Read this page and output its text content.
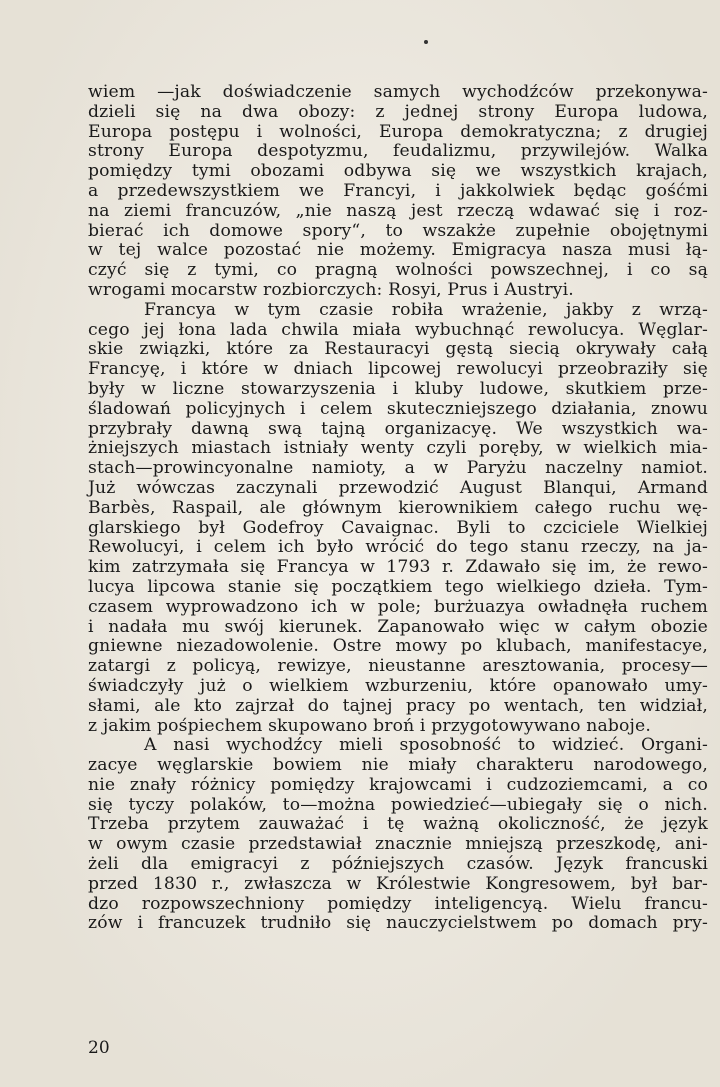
wiem —jak doświadczenie samych wychodźców przekonywa-
dzieli się na dwa obozy: z jednej strony Europa ludowa,
Europa postępu i wolności, Europa demokratyczna; z drugiej
strony Europa despotyzmu, feudalizmu, przywilejów. Walka
pomiędzy tymi obozami odbywa się we wszystkich krajach,
a przedewszystkiem we Francyi, i jakkolwiek będąc gośćmi
na ziemi francuzów, „nie naszą jest rzeczą wdawać się i roz-
bierać ich domowe spory“, to wszakże zupełnie obojętnymi
w tej walce pozostać nie możemy. Emigracya nasza musi łą-
czyć się z tymi, co pragną wolności powszechnej, i co są
wrogami mocarstw rozbiorczych: Rosyi, Prus i Austryi.
Francya w tym czasie robiła wrażenie, jakby z wrzą-
cego jej łona lada chwila miała wybuchnąć rewolucya. Węglar-
skie związki, które za Restauracyi gęstą siecią okrywały całą
Francyę, i które w dniach lipcowej rewolucyi przeobraziły się
były w liczne stowarzyszenia i kluby ludowe, skutkiem prze-
śladowań policyjnych i celem skuteczniejszego działania, znowu
przybrały dawną swą tajną organizacyę. We wszystkich wa-
żniejszych miastach istniały wenty czyli poręby, w wielkich mia-
stach—prowincyonalne namioty, a w Paryżu naczelny namiot.
Już wówczas zaczynali przewodzić August Blanqui, Armand
Barbès, Raspail, ale głównym kierownikiem całego ruchu wę-
glarskiego był Godefroy Cavaignac. Byli to czciciele Wielkiej
Rewolucyi, i celem ich było wrócić do tego stanu rzeczy, na ja-
kim zatrzymała się Francya w 1793 r. Zdawało się im, że rewo-
lucya lipcowa stanie się początkiem tego wielkiego dzieła. Tym-
czasem wyprowadzono ich w pole; burżuazya owładnęła ruchem
i nadała mu swój kierunek. Zapanowało więc w całym obozie
gniewne niezadowolenie. Ostre mowy po klubach, manifestacye,
zatargi z policyą, rewizye, nieustanne aresztowania, procesy—
świadczyły już o wielkiem wzburzeniu, które opanowało umy-
słami, ale kto zajrzał do tajnej pracy po wentach, ten widział,
z jakim pośpiechem skupowano broń i przygotowywano naboje.
A nasi wychodźcy mieli sposobność to widzieć. Organi-
zacye węglarskie bowiem nie miały charakteru narodowego,
nie znały różnicy pomiędzy krajowcami i cudzoziemcami, a co
się tyczy polaków, to—można powiedzieć—ubiegały się o nich.
Trzeba przytem zauważać i tę ważną okoliczność, że język
w owym czasie przedstawiał znacznie mniejszą przeszkodę, ani-
żeli dla emigracyi z późniejszych czasów. Język francuski
przed 1830 r., zwłaszcza w Królestwie Kongresowem, był bar-
dzo rozpowszechniony pomiędzy inteligencyą. Wielu francu-
zów i francuzek trudniło się nauczycielstwem po domach pry-
20
